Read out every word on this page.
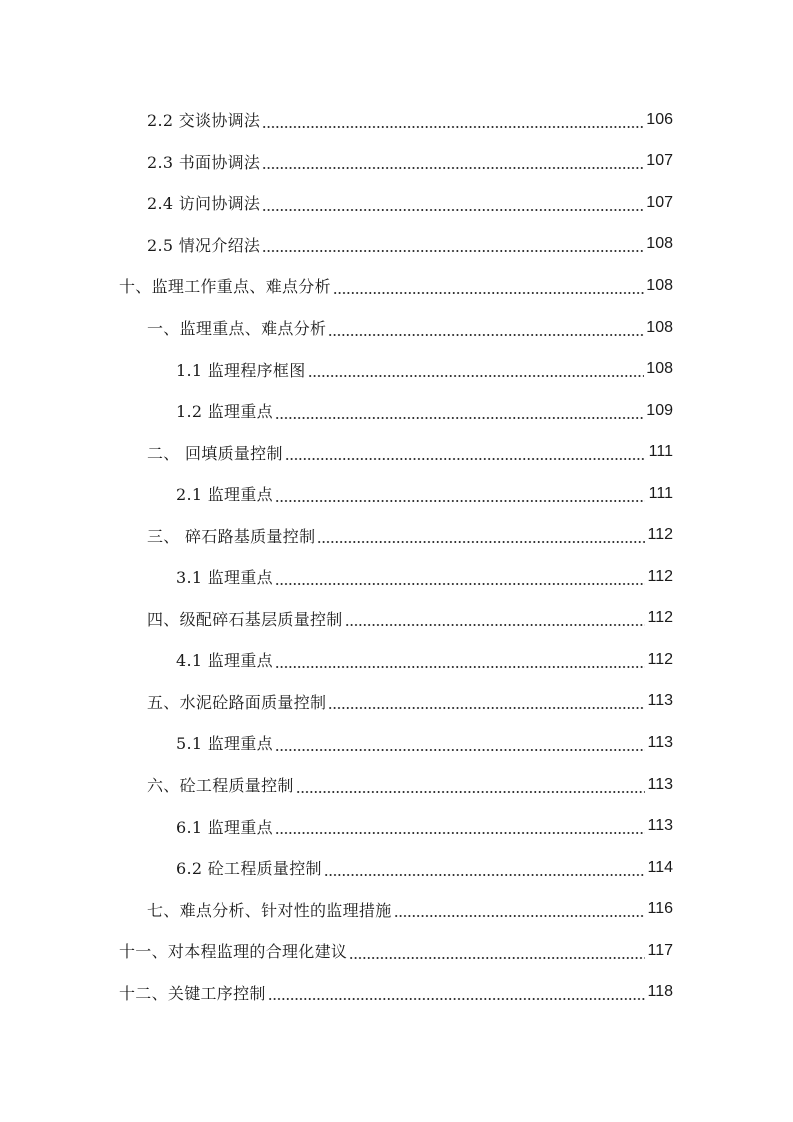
2.2 交谈协调法	106
2.3 书面协调法	107
2.4 访问协调法	107
2.5 情况介绍法	108
十、监理工作重点、难点分析	108
一、监理重点、难点分析	108
1.1 监理程序框图	108
1.2 监理重点	109
二、 回填质量控制	111
2.1 监理重点	111
三、 碎石路基质量控制	112
3.1 监理重点	112
四、级配碎石基层质量控制	112
4.1 监理重点	112
五、水泥砼路面质量控制	113
5.1 监理重点	113
六、砼工程质量控制	113
6.1 监理重点	113
6.2 砼工程质量控制	114
七、难点分析、针对性的监理措施	116
十一、对本程监理的合理化建议	117
十二、关键工序控制	118
